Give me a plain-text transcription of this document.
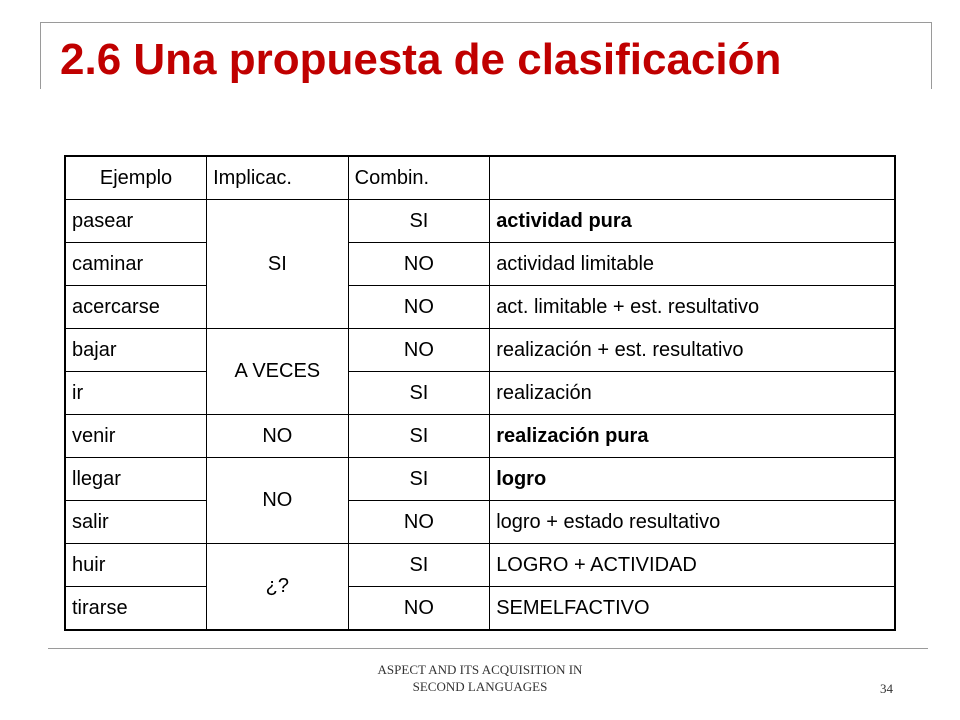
2.6 Una propuesta de clasificación
Ejemplo	Implicac.	Combin.	
pasear	SI	SI	actividad pura
caminar		NO	actividad limitable
acercarse		NO	act. limitable + est. resultativo
bajar	A VECES	NO	realización + est. resultativo
ir		SI	realización
venir	NO	SI	realización pura
llegar	NO	SI	logro
salir		NO	logro + estado resultativo
huir	¿?	SI	LOGRO + ACTIVIDAD
tirarse		NO	SEMELFACTIVO
ASPECT AND ITS ACQUISITION IN
SECOND LANGUAGES	34
